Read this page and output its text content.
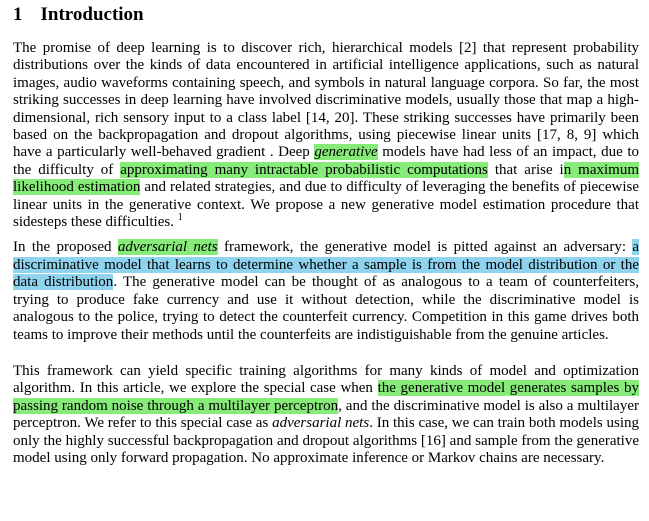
1 Introduction

The promise of deep learning is to discover rich, hierarchical models [2] that represent probability distributions over the kinds of data encountered in artificial intelligence applications, such as natural images, audio waveforms containing speech, and symbols in natural language corpora. So far, the most striking successes in deep learning have involved discriminative models, usually those that map a high-dimensional, rich sensory input to a class label [14, 20]. These striking successes have primarily been based on the backpropagation and dropout algorithms, using piecewise linear units [17, 8, 9] which have a particularly well-behaved gradient . Deep generative models have had less of an impact, due to the difficulty of approximating many intractable probabilistic computations that arise in maximum likelihood estimation and related strategies, and due to difficulty of leveraging the benefits of piecewise linear units in the generative context. We propose a new generative model estimation procedure that sidesteps these difficulties. $^1$

In the proposed adversarial nets framework, the generative model is pitted against an adversary: a discriminative model that learns to determine whether a sample is from the model distribution or the data distribution. The generative model can be thought of as analogous to a team of counterfeiters, trying to produce fake currency and use it without detection, while the discriminative model is analogous to the police, trying to detect the counterfeit currency. Competition in this game drives both teams to improve their methods until the counterfeits are indistiguishable from the genuine articles.

This framework can yield specific training algorithms for many kinds of model and optimization algorithm. In this article, we explore the special case when the generative model generates samples by passing random noise through a multilayer perceptron, and the discriminative model is also a multilayer perceptron. We refer to this special case as adversarial nets. In this case, we can train both models using only the highly successful backpropagation and dropout algorithms [16] and sample from the generative model using only forward propagation. No approximate inference or Markov chains are necessary.
